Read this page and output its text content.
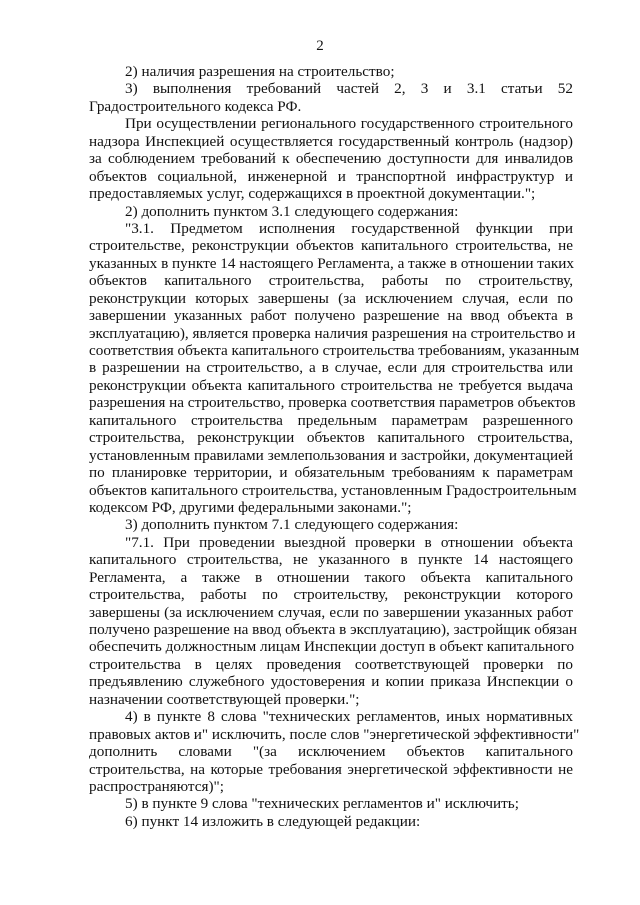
2
2) наличия разрешения на строительство;
3) выполнения требований частей 2, 3 и 3.1 статьи 52
Градостроительного кодекса РФ.
При осуществлении регионального государственного строительного
надзора Инспекцией осуществляется государственный контроль (надзор)
за соблюдением требований к обеспечению доступности для инвалидов
объектов социальной, инженерной и транспортной инфраструктур и
предоставляемых услуг, содержащихся в проектной документации.";
2) дополнить пунктом 3.1 следующего содержания:
"3.1. Предметом исполнения государственной функции при
строительстве, реконструкции объектов капитального строительства, не
указанных в пункте 14 настоящего Регламента, а также в отношении таких
объектов капитального строительства, работы по строительству,
реконструкции которых завершены (за исключением случая, если по
завершении указанных работ получено разрешение на ввод объекта в
эксплуатацию), является проверка наличия разрешения на строительство и
соответствия объекта капитального строительства требованиям, указанным
в разрешении на строительство, а в случае, если для строительства или
реконструкции объекта капитального строительства не требуется выдача
разрешения на строительство, проверка соответствия параметров объектов
капитального строительства предельным параметрам разрешенного
строительства, реконструкции объектов капитального строительства,
установленным правилами землепользования и застройки, документацией
по планировке территории, и обязательным требованиям к параметрам
объектов капитального строительства, установленным Градостроительным
кодексом РФ, другими федеральными законами.";
3) дополнить пунктом 7.1 следующего содержания:
"7.1. При проведении выездной проверки в отношении объекта
капитального строительства, не указанного в пункте 14 настоящего
Регламента, а также в отношении такого объекта капитального
строительства, работы по строительству, реконструкции которого
завершены (за исключением случая, если по завершении указанных работ
получено разрешение на ввод объекта в эксплуатацию), застройщик обязан
обеспечить должностным лицам Инспекции доступ в объект капитального
строительства в целях проведения соответствующей проверки по
предъявлению служебного удостоверения и копии приказа Инспекции о
назначении соответствующей проверки.";
4) в пункте 8 слова "технических регламентов, иных нормативных
правовых актов и" исключить, после слов "энергетической эффективности"
дополнить словами "(за исключением объектов капитального
строительства, на которые требования энергетической эффективности не
распространяются)";
5) в пункте 9 слова "технических регламентов и" исключить;
6) пункт 14 изложить в следующей редакции:
